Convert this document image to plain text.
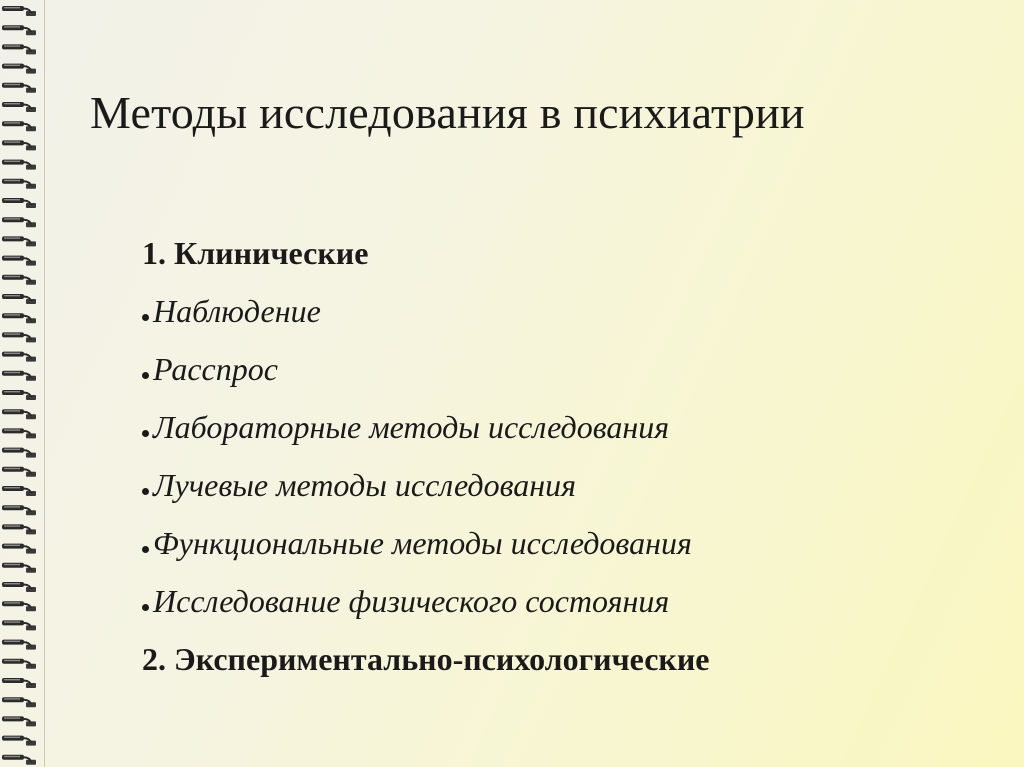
Методы исследования в психиатрии
1. Клинические
Наблюдение
Расспрос
Лабораторные методы исследования
Лучевые методы исследования
Функциональные методы исследования
Исследование физического состояния
2. Экспериментально-психологические
